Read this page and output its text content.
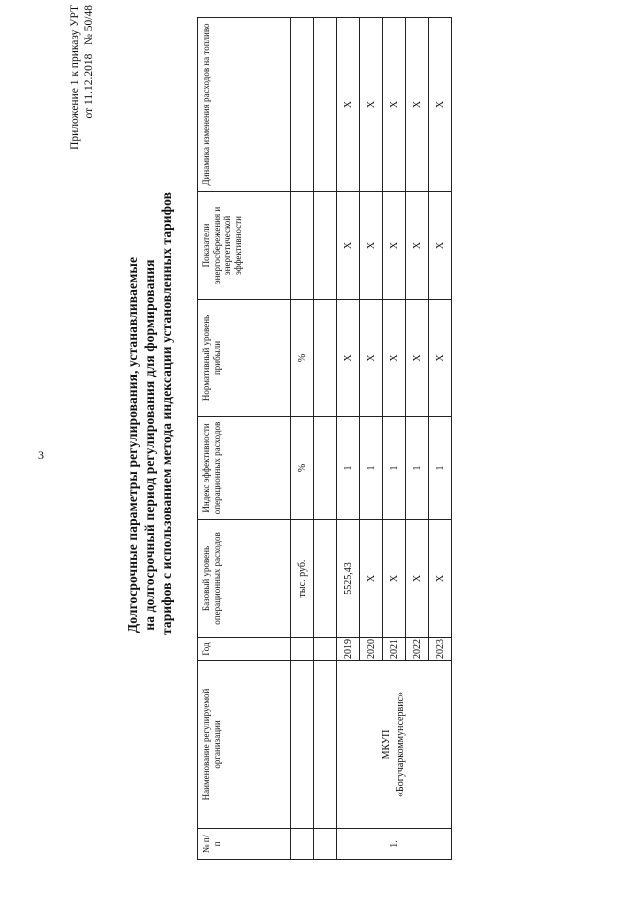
3
Приложение 1 к приказу УРТ от 11.12.2018   № 50/48
Долгосрочные параметры регулирования, устанавливаемые на долгосрочный период регулирования для формирования тарифов с использованием метода индексации установленных тарифов
№ п/п	Наименование регулируемой организации	Год	Базовый уровень операционных расходов	Индекс эффективности операционных расходов	Нормативный уровень прибыли	Показатели энергосбережения и энергетической эффективности	Динамика изменения расходов на топливо
			тыс. руб.	%	%		

1.	МКУП «Богучаркоммунсервис»	2019	5525,43	1	X	X	X
		2020	X	1	X	X	X
		2021	X	1	X	X	X
		2022	X	1	X	X	X
		2023	X	1	X	X	X
